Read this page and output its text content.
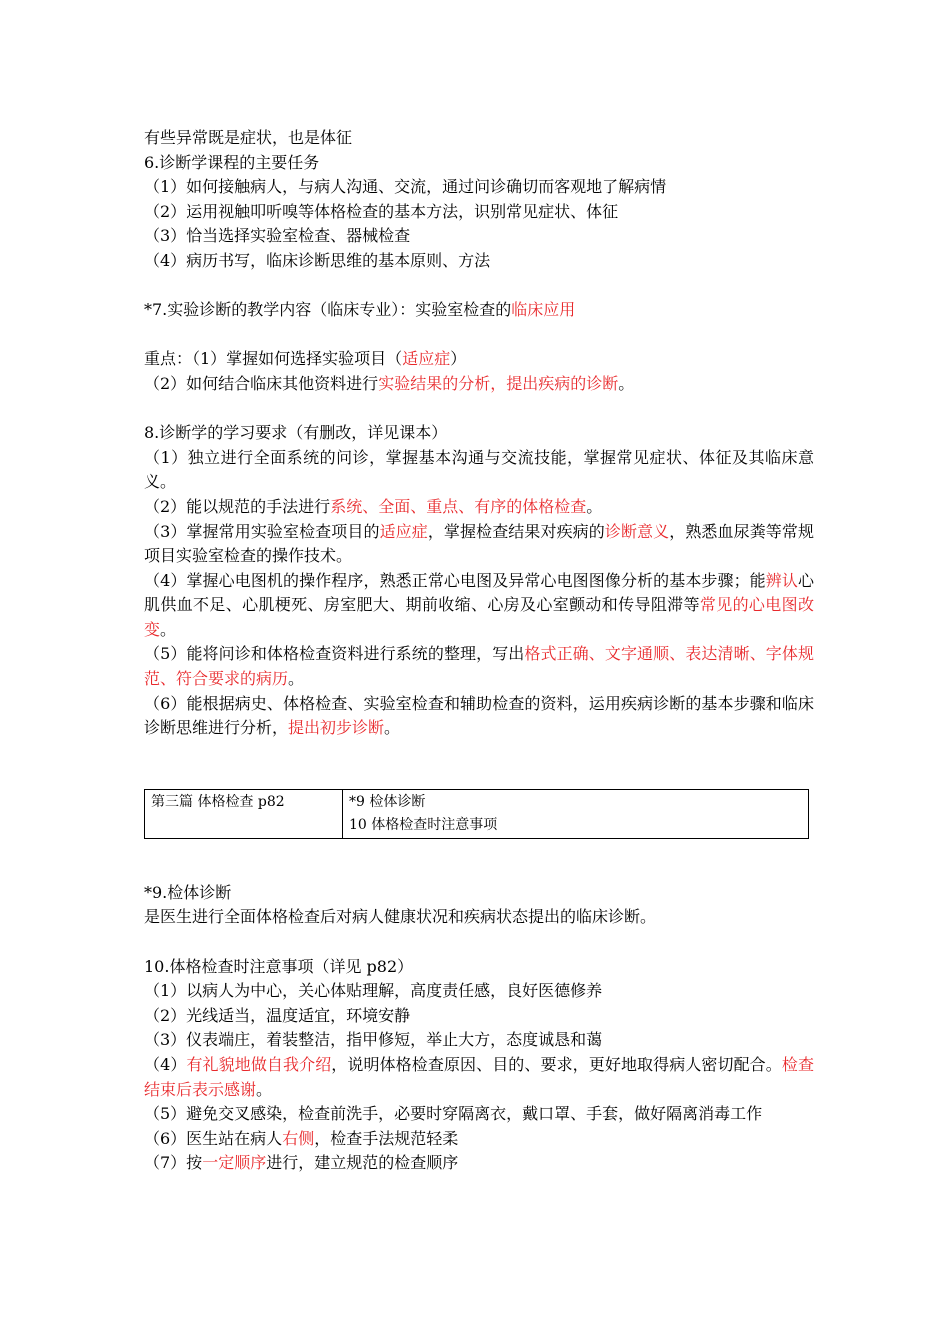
有些异常既是症状，也是体征
6.诊断学课程的主要任务
（1）如何接触病人，与病人沟通、交流，通过问诊确切而客观地了解病情
（2）运用视触叩听嗅等体格检查的基本方法，识别常见症状、体征
（3）恰当选择实验室检查、器械检查
（4）病历书写，临床诊断思维的基本原则、方法
*7.实验诊断的教学内容（临床专业）：实验室检查的临床应用
重点：（1）掌握如何选择实验项目（适应症）
（2）如何结合临床其他资料进行实验结果的分析，提出疾病的诊断。
8.诊断学的学习要求（有删改，详见课本）
（1）独立进行全面系统的问诊，掌握基本沟通与交流技能，掌握常见症状、体征及其临床意义。
（2）能以规范的手法进行系统、全面、重点、有序的体格检查。
（3）掌握常用实验室检查项目的适应症，掌握检查结果对疾病的诊断意义，熟悉血尿粪等常规项目实验室检查的操作技术。
（4）掌握心电图机的操作程序，熟悉正常心电图及异常心电图图像分析的基本步骤；能辨认心肌供血不足、心肌梗死、房室肥大、期前收缩、心房及心室颤动和传导阻滞等常见的心电图改变。
（5）能将问诊和体格检查资料进行系统的整理，写出格式正确、文字通顺、表达清晰、字体规范、符合要求的病历。
（6）能根据病史、体格检查、实验室检查和辅助检查的资料，运用疾病诊断的基本步骤和临床诊断思维进行分析，提出初步诊断。
第三篇 体格检查 p82	*9 检体诊断
10 体格检查时注意事项
*9.检体诊断
是医生进行全面体格检查后对病人健康状况和疾病状态提出的临床诊断。
10.体格检查时注意事项（详见 p82）
（1）以病人为中心，关心体贴理解，高度责任感，良好医德修养
（2）光线适当，温度适宜，环境安静
（3）仪表端庄，着装整洁，指甲修短，举止大方，态度诚恳和蔼
（4）有礼貌地做自我介绍，说明体格检查原因、目的、要求，更好地取得病人密切配合。检查结束后表示感谢。
（5）避免交叉感染，检查前洗手，必要时穿隔离衣，戴口罩、手套，做好隔离消毒工作
（6）医生站在病人右侧，检查手法规范轻柔
（7）按一定顺序进行，建立规范的检查顺序
